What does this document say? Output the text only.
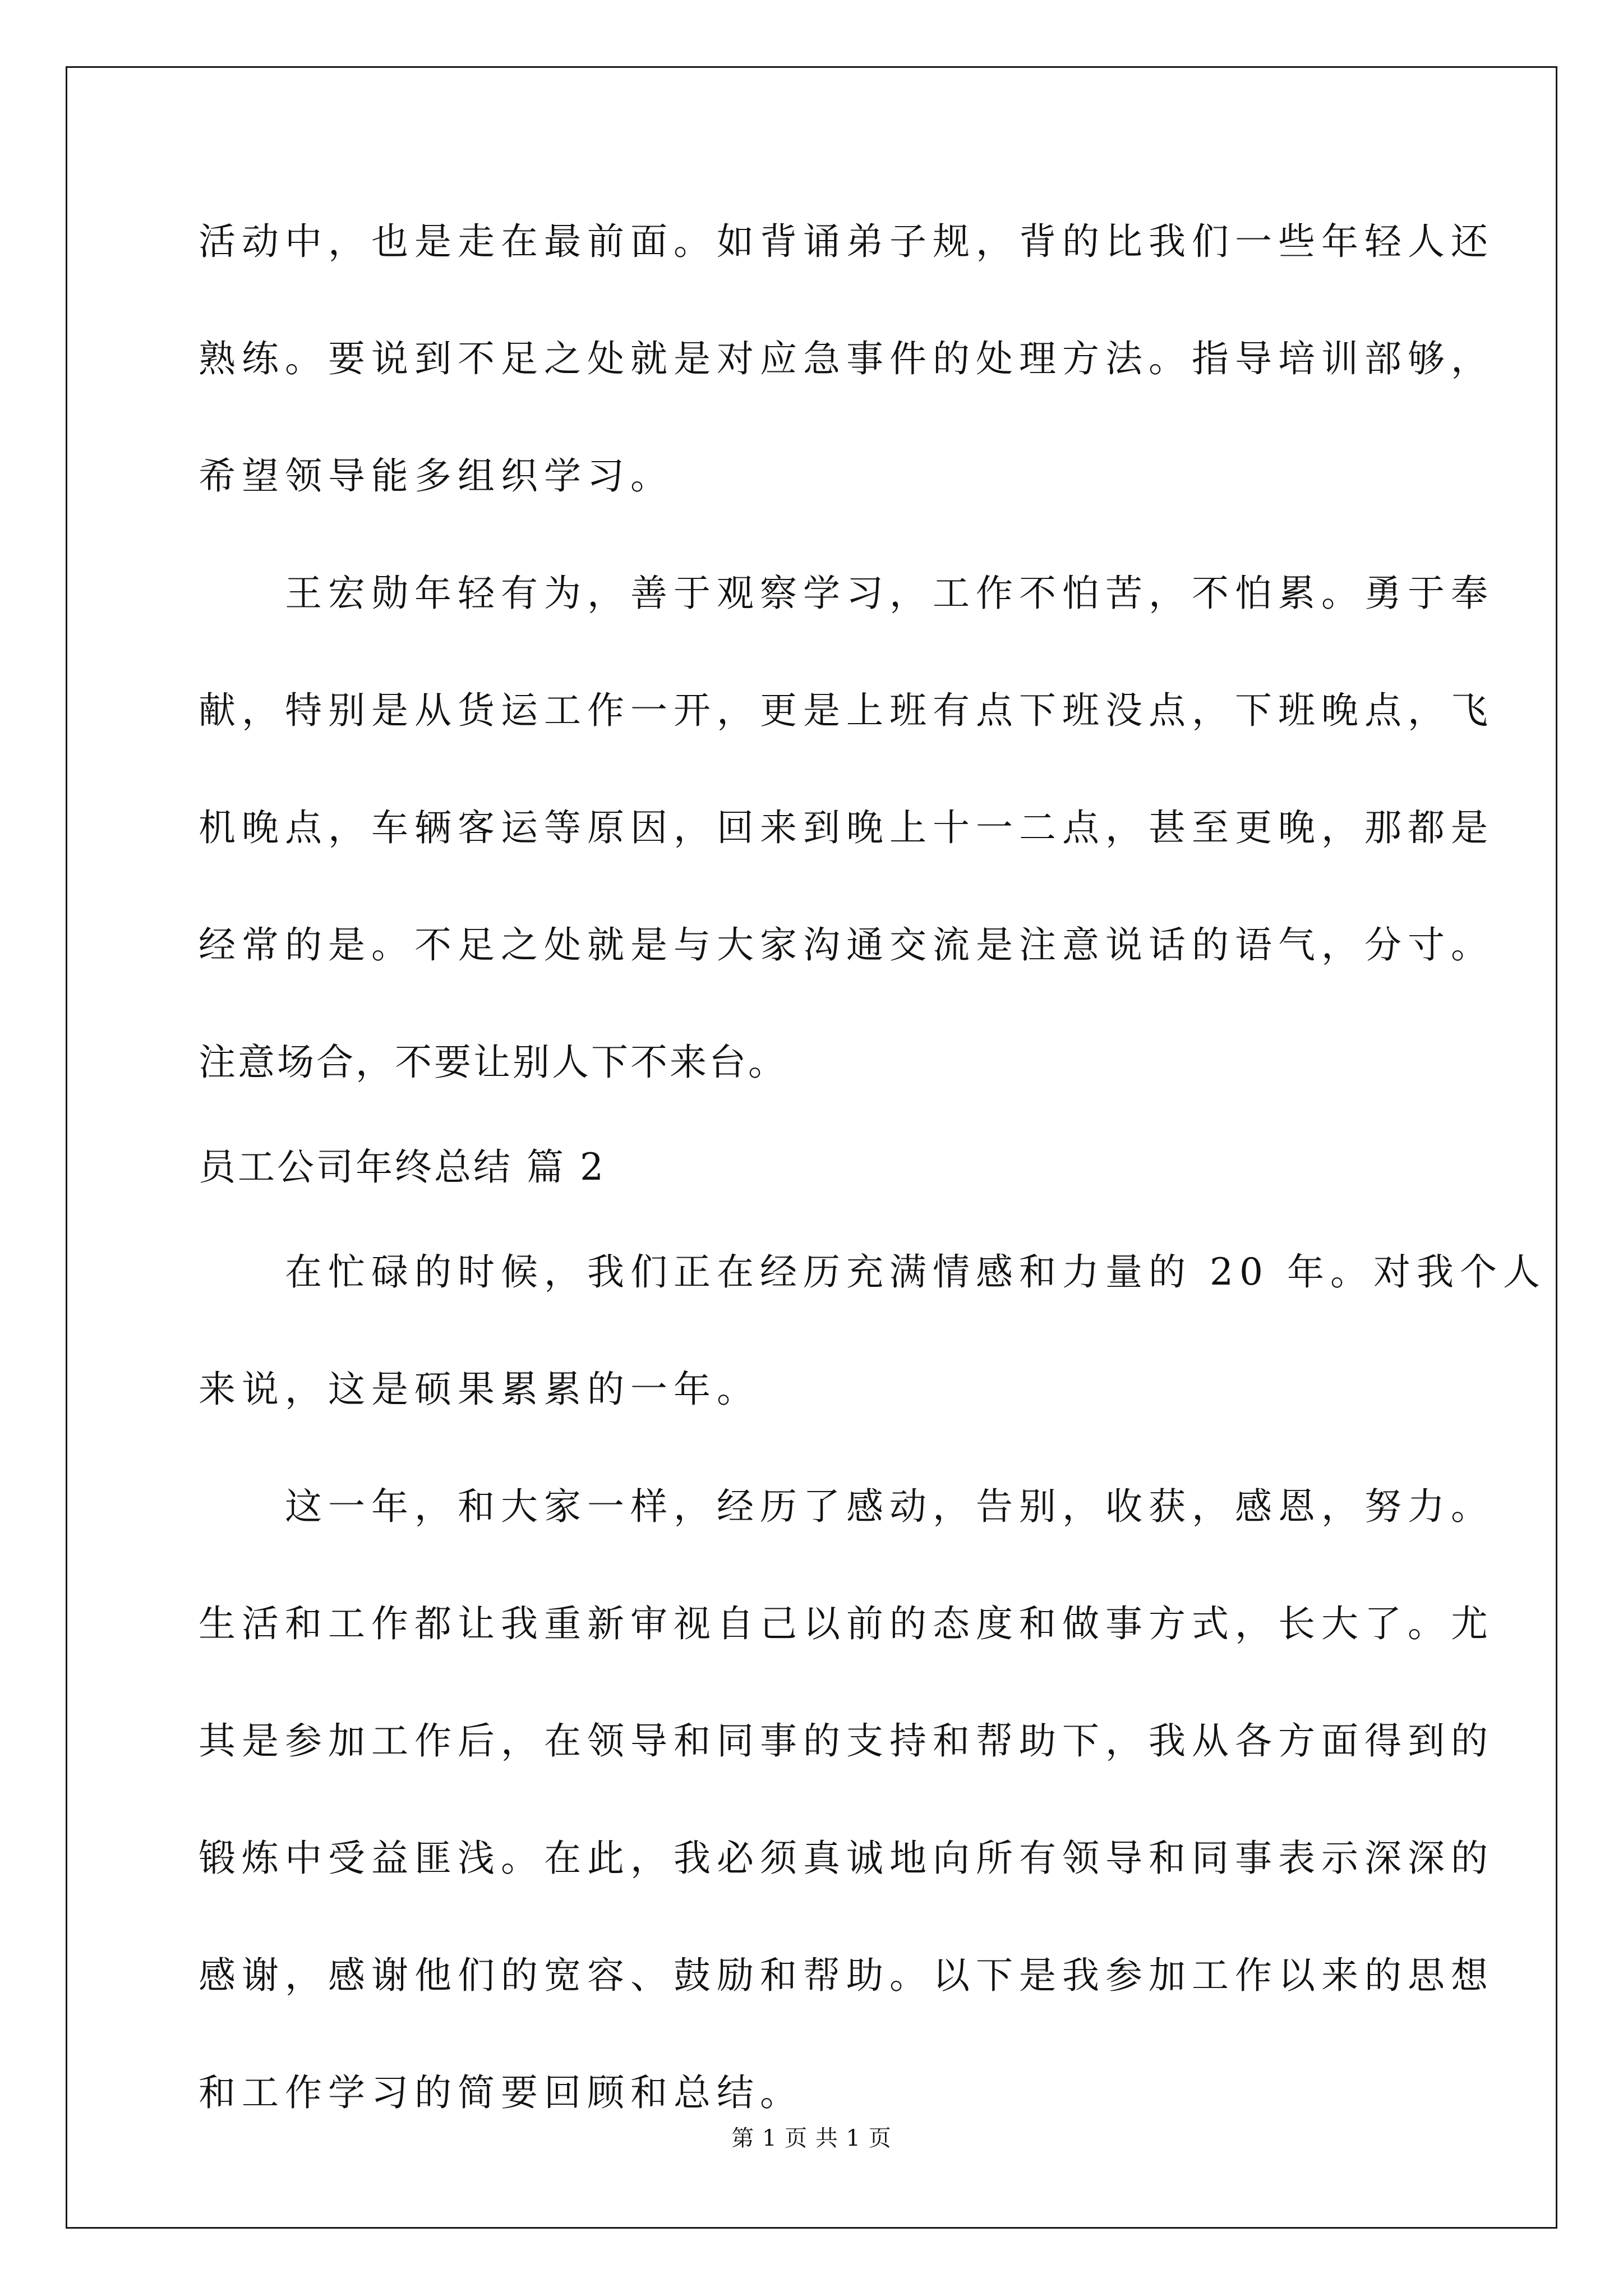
活动中，也是走在最前面。如背诵弟子规，背的比我们一些年轻人还
熟练。要说到不足之处就是对应急事件的处理方法。指导培训部够，
希望领导能多组织学习。
王宏勋年轻有为，善于观察学习，工作不怕苦，不怕累。勇于奉
献，特别是从货运工作一开，更是上班有点下班没点，下班晚点，飞
机晚点，车辆客运等原因，回来到晚上十一二点，甚至更晚，那都是
经常的是。不足之处就是与大家沟通交流是注意说话的语气，分寸。
注意场合，不要让别人下不来台。
员工公司年终总结 篇 2
在忙碌的时候，我们正在经历充满情感和力量的 20 年。对我个人
来说，这是硕果累累的一年。
这一年，和大家一样，经历了感动，告别，收获，感恩，努力。
生活和工作都让我重新审视自己以前的态度和做事方式，长大了。尤
其是参加工作后，在领导和同事的支持和帮助下，我从各方面得到的
锻炼中受益匪浅。在此，我必须真诚地向所有领导和同事表示深深的
感谢，感谢他们的宽容、鼓励和帮助。以下是我参加工作以来的思想
和工作学习的简要回顾和总结。
第 1 页 共 1 页
